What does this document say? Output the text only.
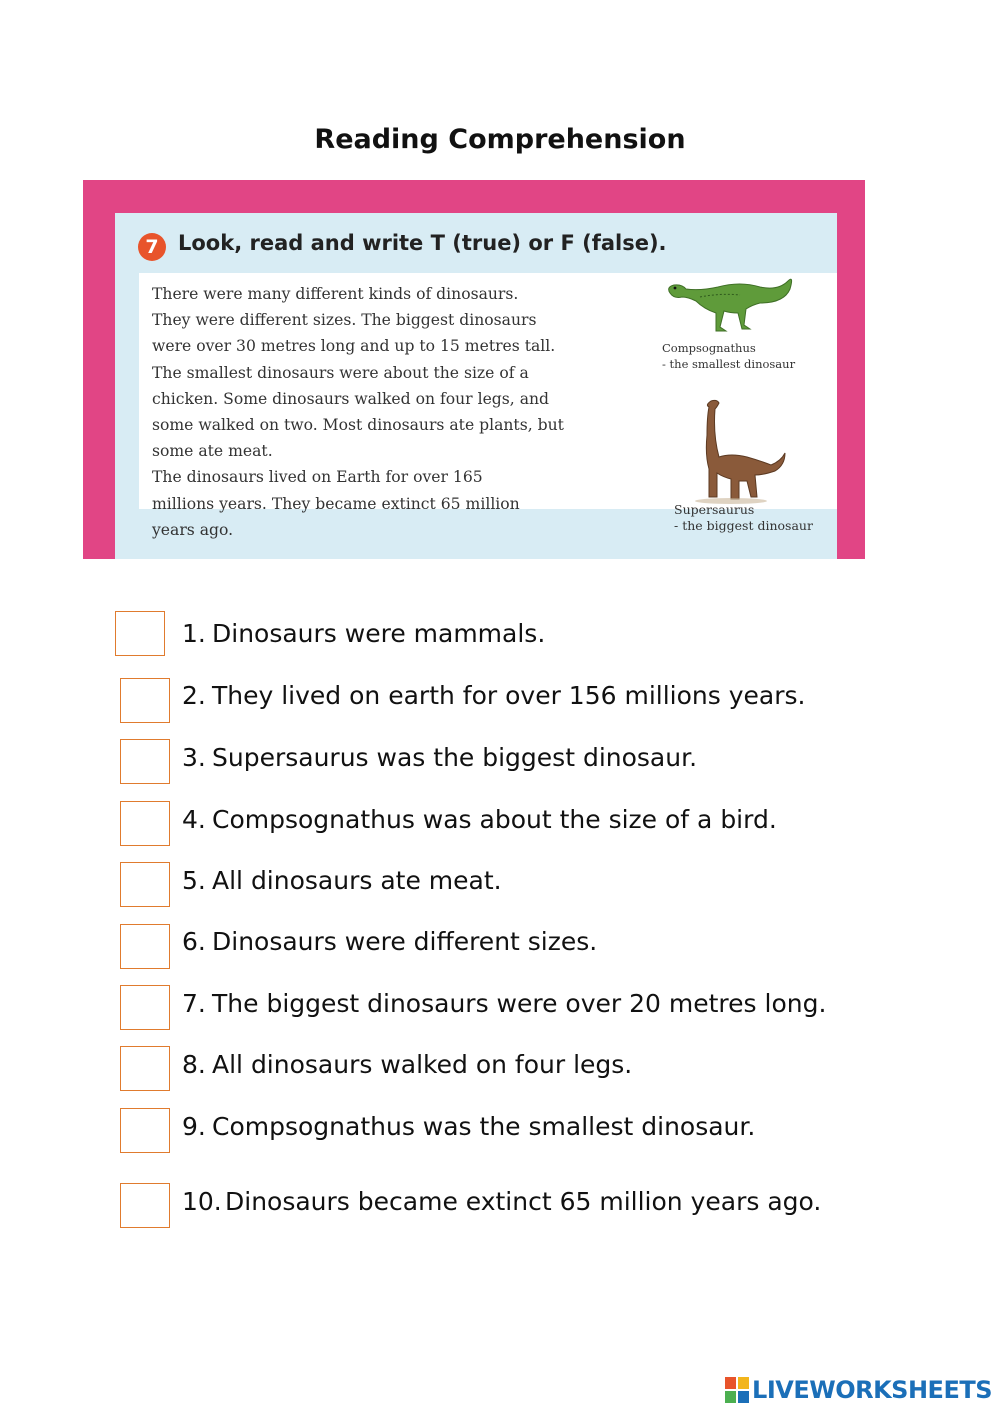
Reading Comprehension
7 Look, read and write T (true) or F (false).
There were many different kinds of dinosaurs.
They were different sizes. The biggest dinosaurs
were over 30 metres long and up to 15 metres tall.
The smallest dinosaurs were about the size of a
chicken. Some dinosaurs walked on four legs, and
some walked on two. Most dinosaurs ate plants, but
some ate meat.
The dinosaurs lived on Earth for over 165
millions years. They became extinct 65 million
years ago.
Compsognathus
- the smallest dinosaur
Supersaurus
- the biggest dinosaur
1. Dinosaurs were mammals.
2. They lived on earth for over 156 millions years.
3. Supersaurus was the biggest dinosaur.
4. Compsognathus was about the size of a bird.
5. All dinosaurs ate meat.
6. Dinosaurs were different sizes.
7. The biggest dinosaurs were over 20 metres long.
8. All dinosaurs walked on four legs.
9. Compsognathus was the smallest dinosaur.
10. Dinosaurs became extinct 65 million years ago.
LIVEWORKSHEETS
